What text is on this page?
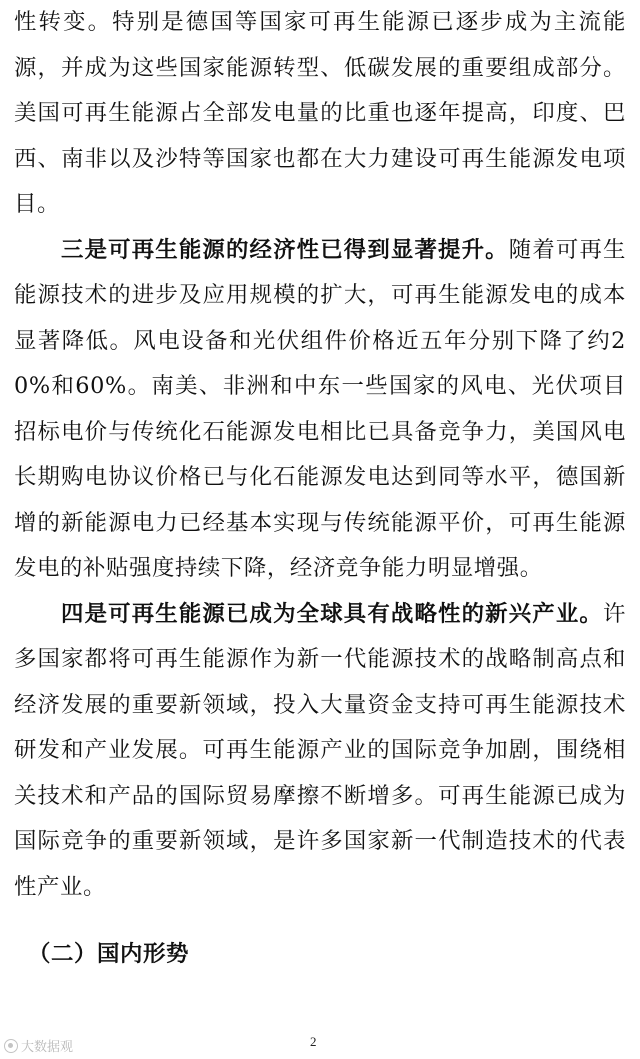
性转变。特别是德国等国家可再生能源已逐步成为主流能源，并成为这些国家能源转型、低碳发展的重要组成部分。美国可再生能源占全部发电量的比重也逐年提高，印度、巴西、南非以及沙特等国家也都在大力建设可再生能源发电项目。

三是可再生能源的经济性已得到显著提升。随着可再生能源技术的进步及应用规模的扩大，可再生能源发电的成本显著降低。风电设备和光伏组件价格近五年分别下降了约20%和60%。南美、非洲和中东一些国家的风电、光伏项目招标电价与传统化石能源发电相比已具备竞争力，美国风电长期购电协议价格已与化石能源发电达到同等水平，德国新增的新能源电力已经基本实现与传统能源平价，可再生能源发电的补贴强度持续下降，经济竞争能力明显增强。

四是可再生能源已成为全球具有战略性的新兴产业。许多国家都将可再生能源作为新一代能源技术的战略制高点和经济发展的重要新领域，投入大量资金支持可再生能源技术研发和产业发展。可再生能源产业的国际竞争加剧，围绕相关技术和产品的国际贸易摩擦不断增多。可再生能源已成为国际竞争的重要新领域，是许多国家新一代制造技术的代表性产业。

（二）国内形势
大数据观	2
